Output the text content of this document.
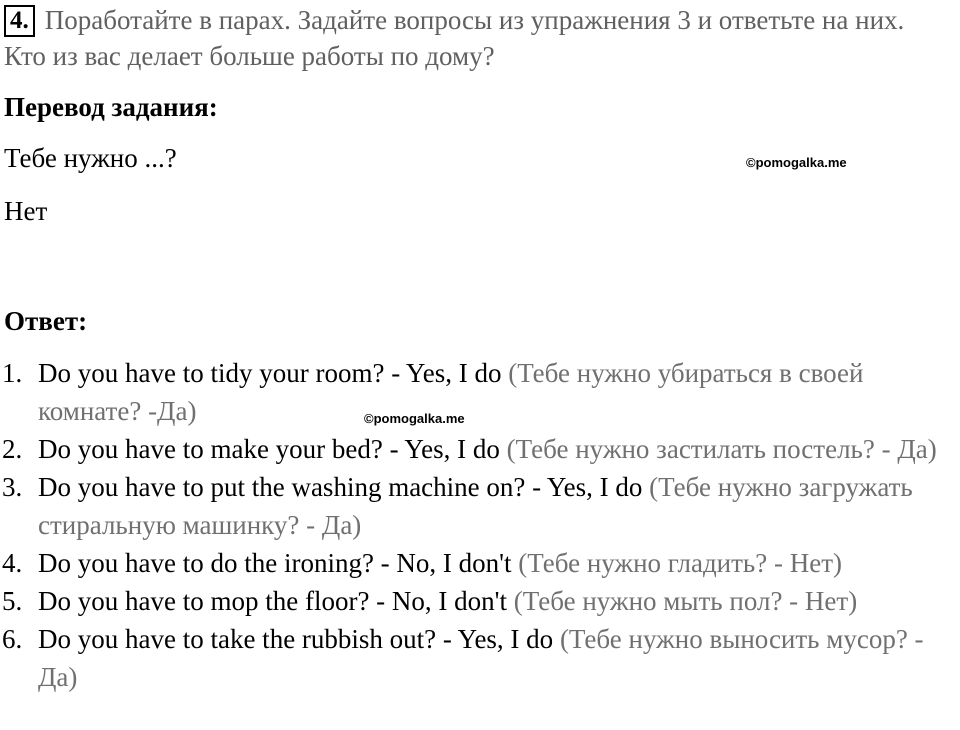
4. Поработайте в парах. Задайте вопросы из упражнения 3 и ответьте на них. Кто из вас делает больше работы по дому?
Перевод задания:
Тебе нужно ...?
Нет
©pomogalka.me
Ответ:
1. Do you have to tidy your room? - Yes, I do (Тебе нужно убираться в своей комнате? -Да)
2. Do you have to make your bed? - Yes, I do (Тебе нужно застилать постель? - Да)
3. Do you have to put the washing machine on? - Yes, I do (Тебе нужно загружать стиральную машинку? - Да)
4. Do you have to do the ironing? - No, I don't (Тебе нужно гладить? - Нет)
5. Do you have to mop the floor? - No, I don't (Тебе нужно мыть пол? - Нет)
6. Do you have to take the rubbish out? - Yes, I do (Тебе нужно выносить мусор? - Да)
©pomogalka.me
